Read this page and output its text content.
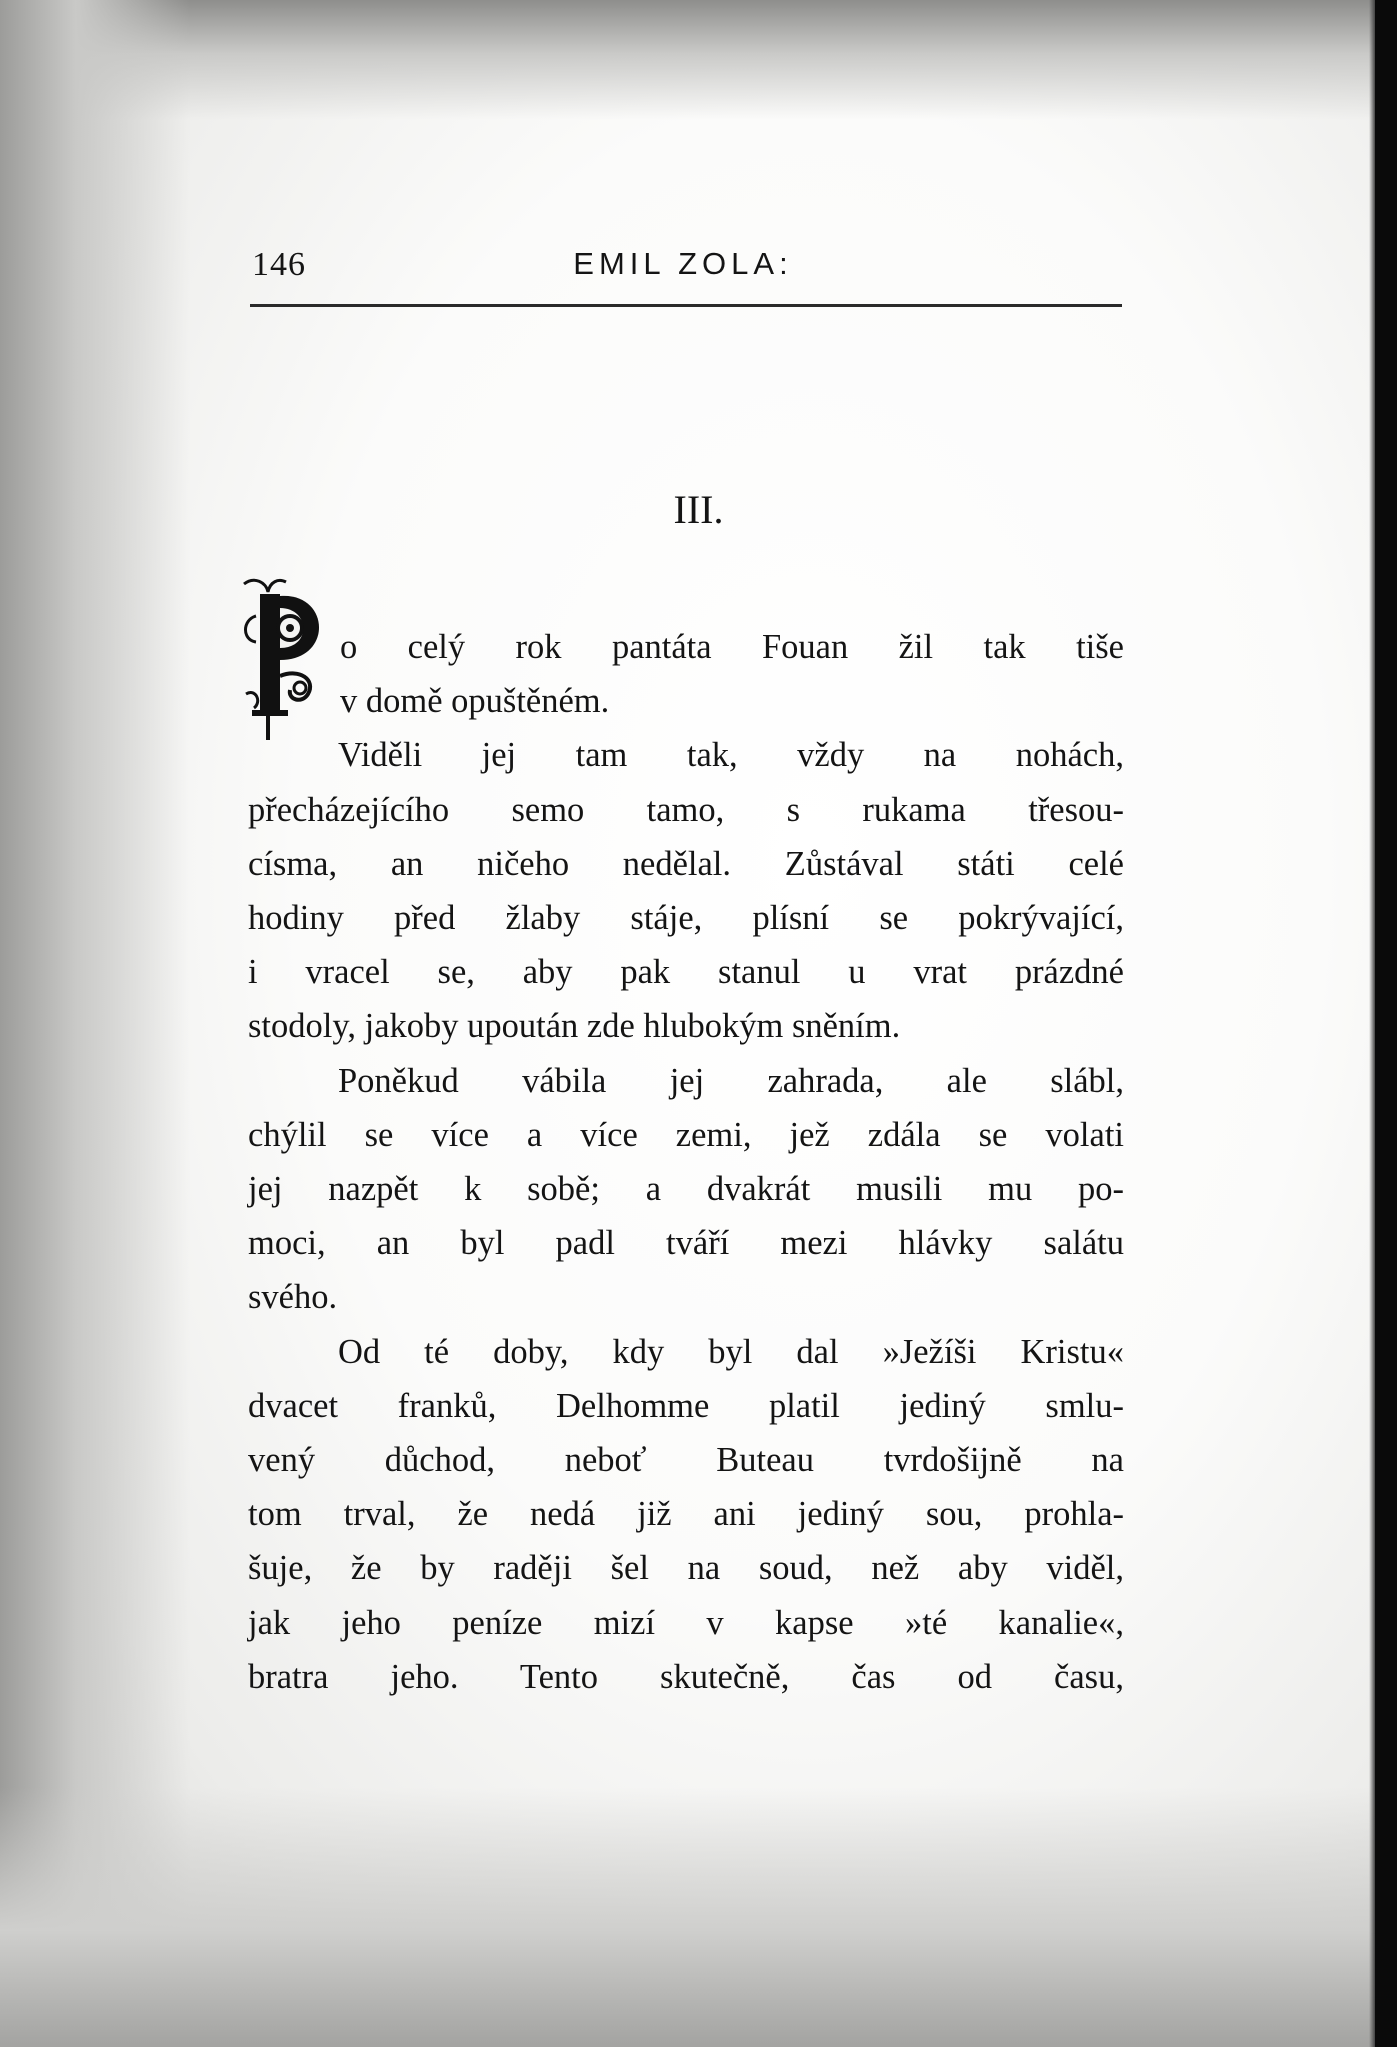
146	EMIL ZOLA:
III.
P
o celý rok pantáta Fouan žil tak tiše
v domě opuštěném.
Viděli jej tam tak, vždy na nohách,
přecházejícího semo tamo, s rukama třesou-
císma, an ničeho nedělal. Zůstával státi celé
hodiny před žlaby stáje, plísní se pokrývající,
i vracel se, aby pak stanul u vrat prázdné
stodoly, jakoby upoután zde hlubokým sněním.
Poněkud vábila jej zahrada, ale slábl,
chýlil se více a více zemi, jež zdála se volati
jej nazpět k sobě; a dvakrát musili mu po-
moci, an byl padl tváří mezi hlávky salátu
svého.
Od té doby, kdy byl dal »Ježíši Kristu«
dvacet franků, Delhomme platil jediný smlu-
vený důchod, neboť Buteau tvrdošijně na
tom trval, že nedá již ani jediný sou, prohla-
šuje, že by raději šel na soud, než aby viděl,
jak jeho peníze mizí v kapse »té kanalie«,
bratra jeho. Tento skutečně, čas od času,
